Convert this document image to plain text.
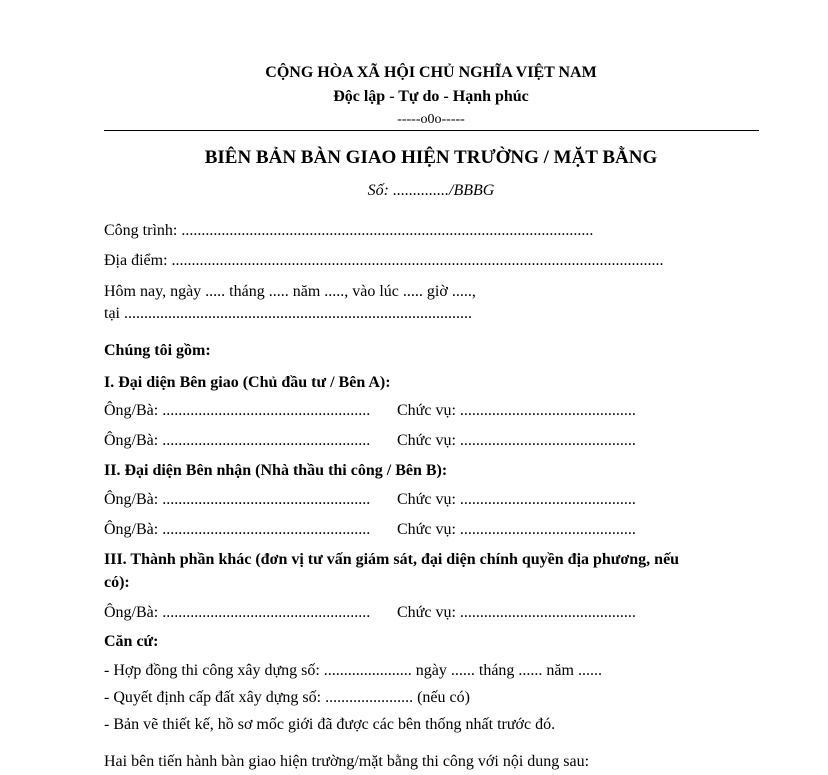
CỘNG HÒA XÃ HỘI CHỦ NGHĨA VIỆT NAM
Độc lập - Tự do - Hạnh phúc
-----o0o-----
BIÊN BẢN BÀN GIAO HIỆN TRƯỜNG / MẶT BẰNG
Số: ............../BBBG
Công trình: .......................................................................................................
Địa điểm: ...........................................................................................................................
Hôm nay, ngày ..... tháng ..... năm ....., vào lúc ..... giờ .....,
tại .......................................................................................
Chúng tôi gồm:
I. Đại diện Bên giao (Chủ đầu tư / Bên A):
Ông/Bà: .................................................... Chức vụ: ............................................
Ông/Bà: .................................................... Chức vụ: ............................................
II. Đại diện Bên nhận (Nhà thầu thi công / Bên B):
Ông/Bà: .................................................... Chức vụ: ............................................
Ông/Bà: .................................................... Chức vụ: ............................................
III. Thành phần khác (đơn vị tư vấn giám sát, đại diện chính quyền địa phương, nếu
có):
Ông/Bà: .................................................... Chức vụ: ............................................
Căn cứ:
- Hợp đồng thi công xây dựng số: ...................... ngày ...... tháng ...... năm ......
- Quyết định cấp đất xây dựng số: ...................... (nếu có)
- Bản vẽ thiết kế, hồ sơ mốc giới đã được các bên thống nhất trước đó.
Hai bên tiến hành bàn giao hiện trường/mặt bằng thi công với nội dung sau:
